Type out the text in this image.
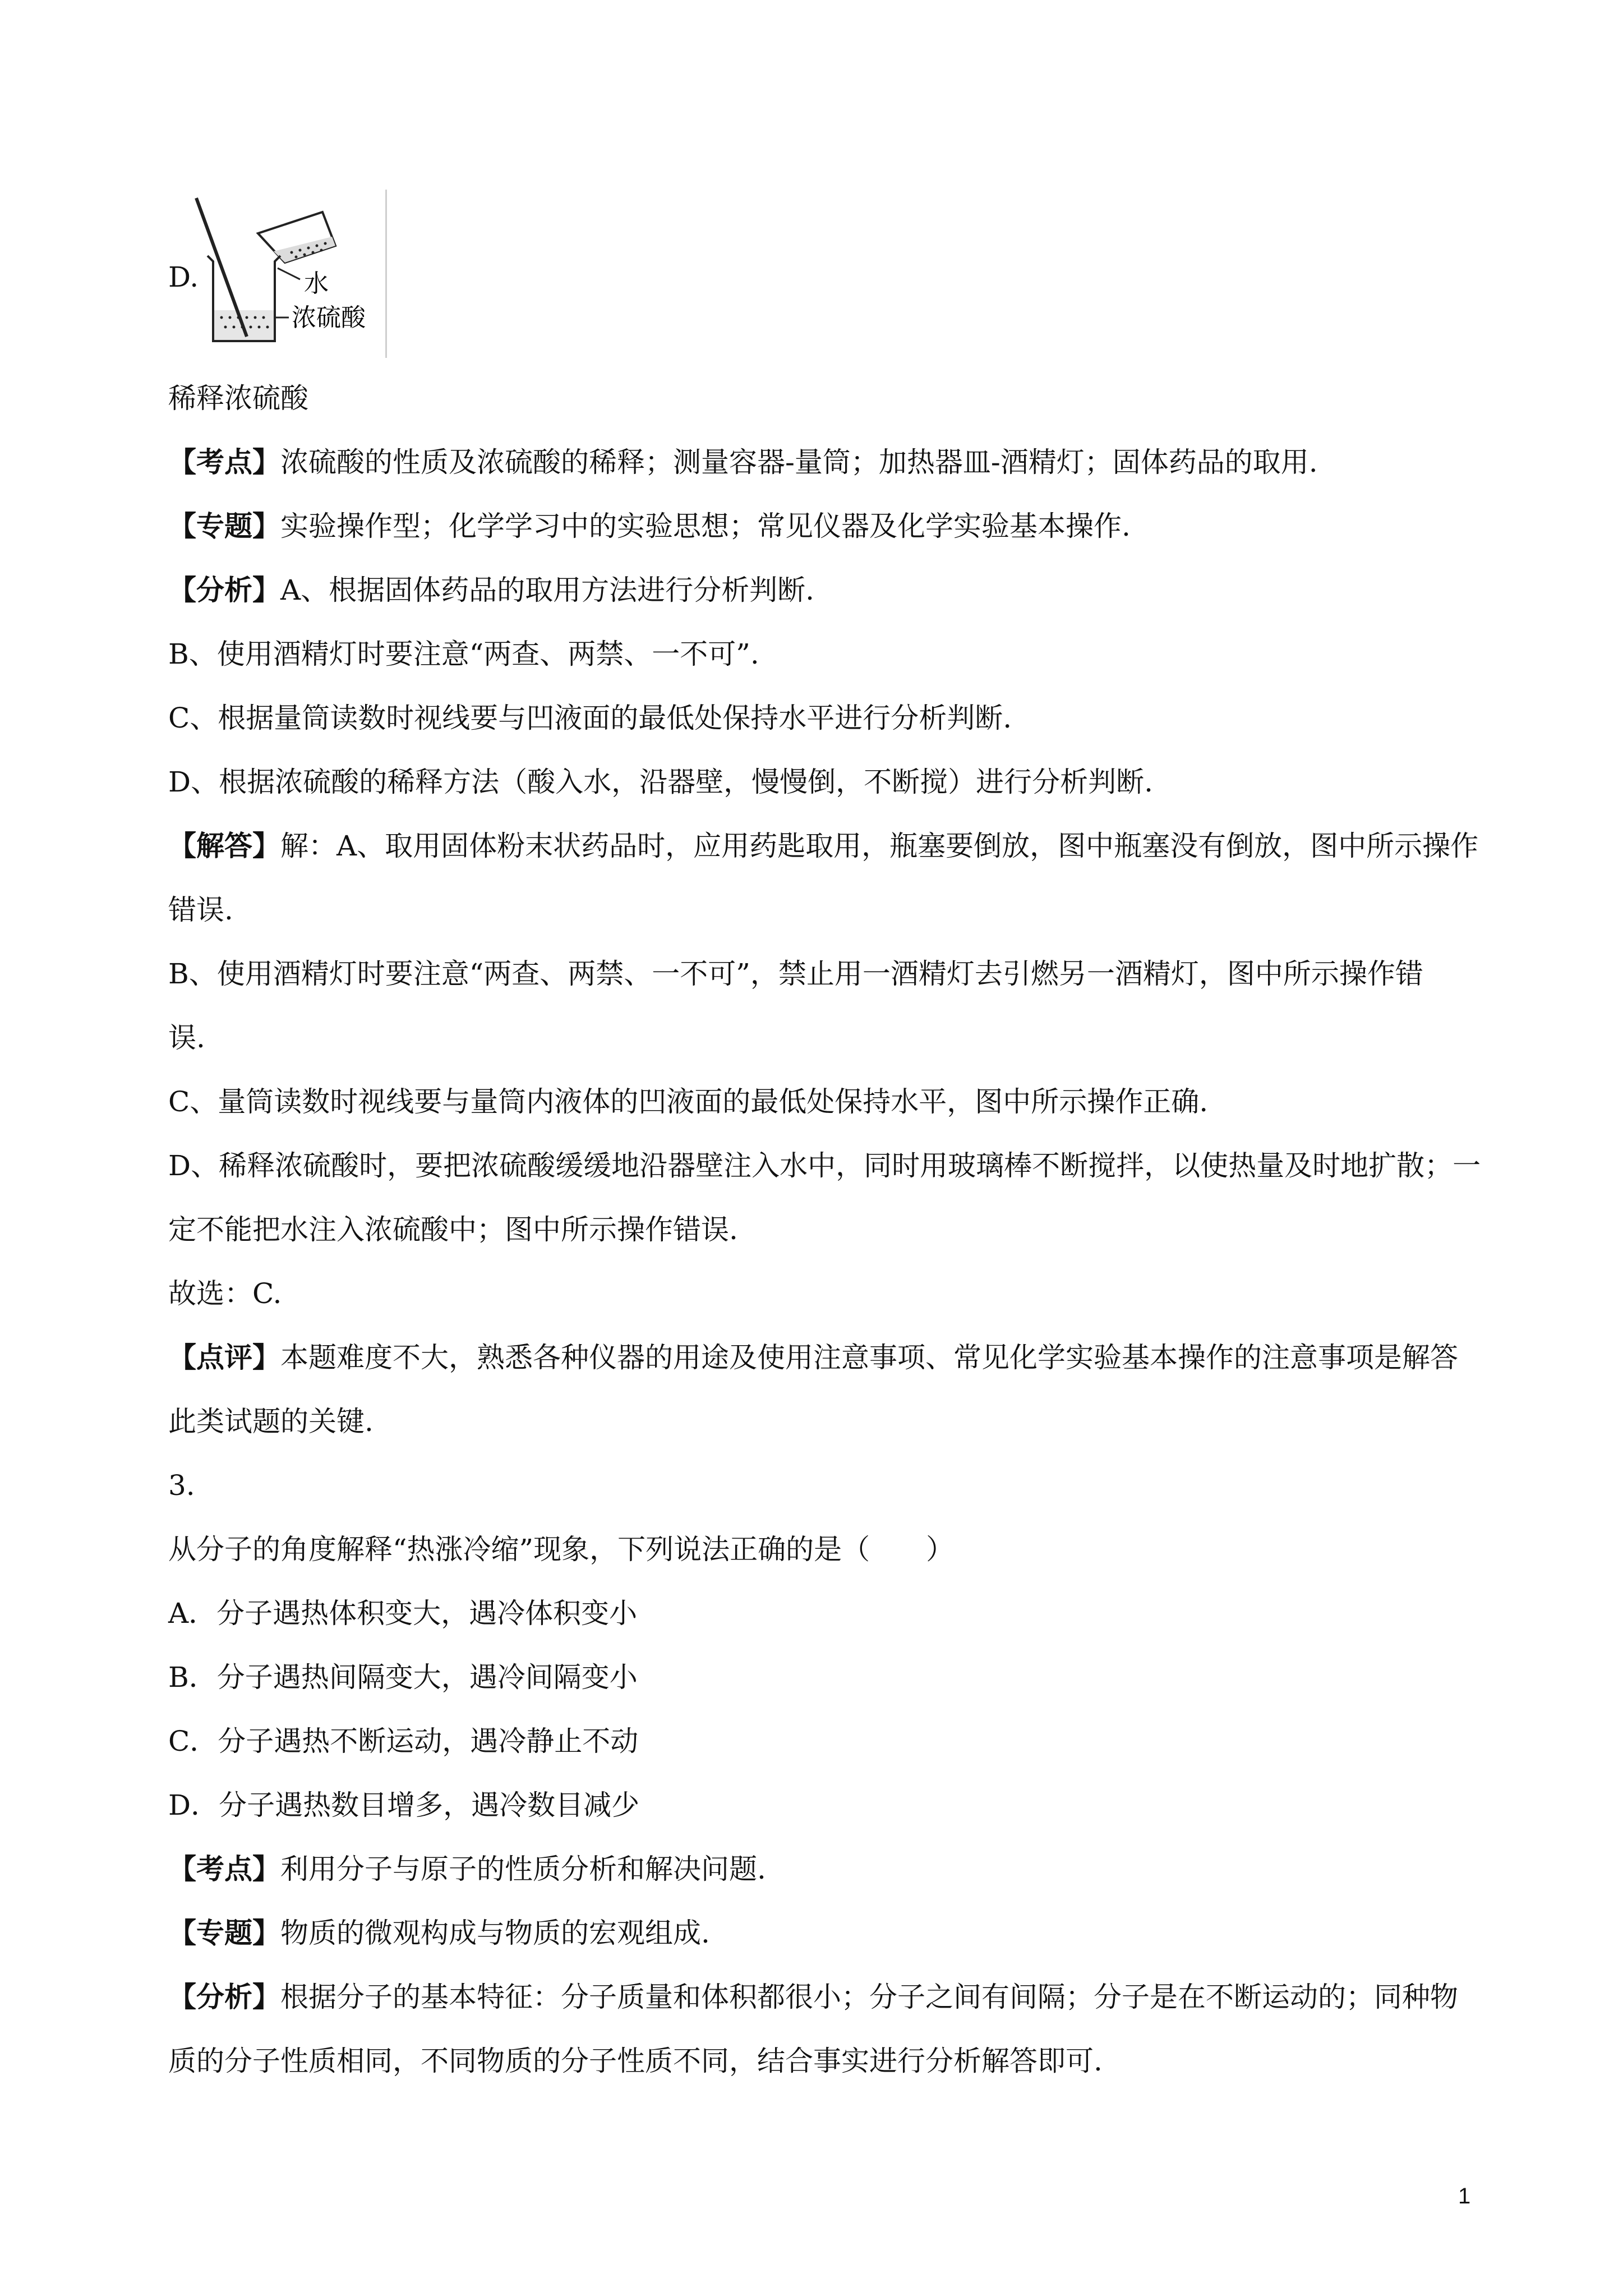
D.	水
浓硫酸
稀释浓硫酸
【考点】浓硫酸的性质及浓硫酸的稀释；测量容器-量筒；加热器皿-酒精灯；固体药品的取用.
【专题】实验操作型；化学学习中的实验思想；常见仪器及化学实验基本操作.
【分析】A、根据固体药品的取用方法进行分析判断.
B、使用酒精灯时要注意“两查、两禁、一不可”.
C、根据量筒读数时视线要与凹液面的最低处保持水平进行分析判断.
D、根据浓硫酸的稀释方法（酸入水，沿器壁，慢慢倒，不断搅）进行分析判断.
【解答】解：A、取用固体粉末状药品时，应用药匙取用，瓶塞要倒放，图中瓶塞没有倒放，图中所示操作
错误.
B、使用酒精灯时要注意“两查、两禁、一不可”，禁止用一酒精灯去引燃另一酒精灯，图中所示操作错
误.
C、量筒读数时视线要与量筒内液体的凹液面的最低处保持水平，图中所示操作正确.
D、稀释浓硫酸时，要把浓硫酸缓缓地沿器壁注入水中，同时用玻璃棒不断搅拌，以使热量及时地扩散；一
定不能把水注入浓硫酸中；图中所示操作错误.
故选：C.
【点评】本题难度不大，熟悉各种仪器的用途及使用注意事项、常见化学实验基本操作的注意事项是解答
此类试题的关键.
3.
从分子的角度解释“热涨冷缩”现象，下列说法正确的是（　　）
A．分子遇热体积变大，遇冷体积变小
B．分子遇热间隔变大，遇冷间隔变小
C．分子遇热不断运动，遇冷静止不动
D．分子遇热数目增多，遇冷数目减少
【考点】利用分子与原子的性质分析和解决问题.
【专题】物质的微观构成与物质的宏观组成.
【分析】根据分子的基本特征：分子质量和体积都很小；分子之间有间隔；分子是在不断运动的；同种物
质的分子性质相同，不同物质的分子性质不同，结合事实进行分析解答即可.
1
